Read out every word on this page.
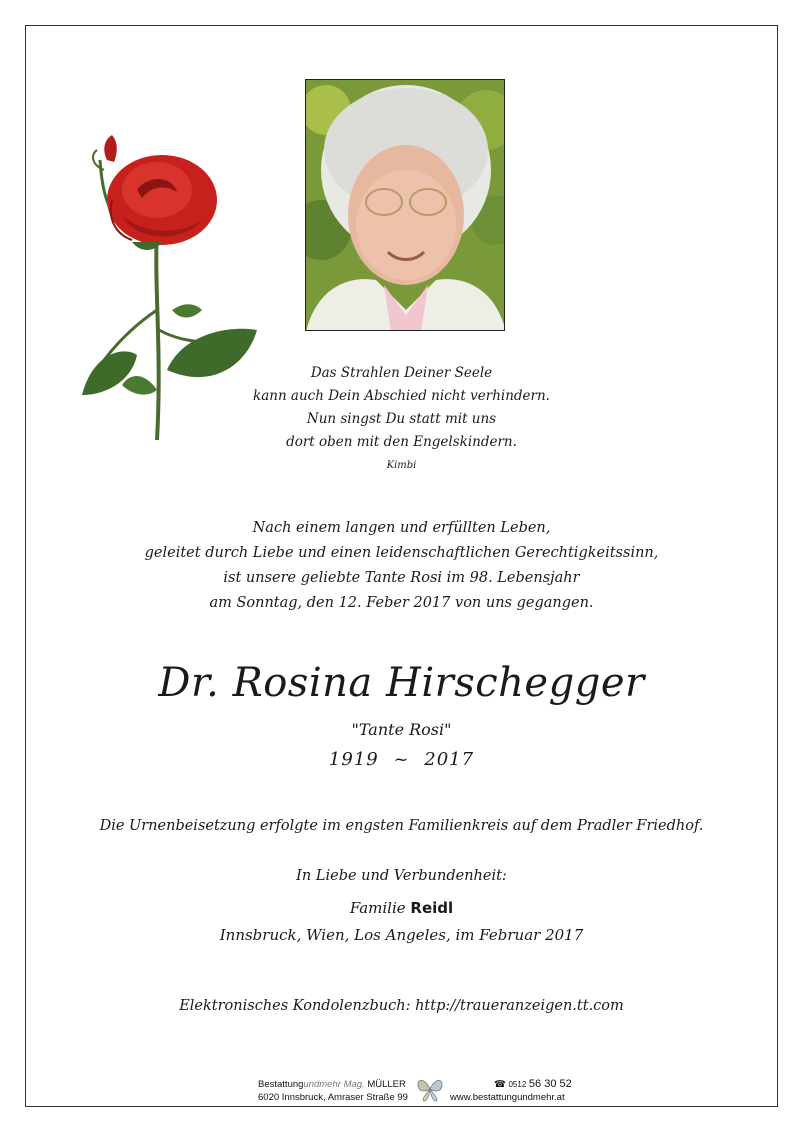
Das Strahlen Deiner Seele
kann auch Dein Abschied nicht verhindern.
Nun singst Du statt mit uns
dort oben mit den Engelskindern.
Kimbi
Nach einem langen und erfüllten Leben,
geleitet durch Liebe und einen leidenschaftlichen Gerechtigkeitssinn,
ist unsere geliebte Tante Rosi im 98. Lebensjahr
am Sonntag, den 12. Feber 2017 von uns gegangen.
Dr. Rosina Hirschegger
"Tante Rosi"
1919 ~ 2017
Die Urnenbeisetzung erfolgte im engsten Familienkreis auf dem Pradler Friedhof.
In Liebe und Verbundenheit:
Familie Reidl
Innsbruck, Wien, Los Angeles, im Februar 2017
Elektronisches Kondolenzbuch: http://traueranzeigen.tt.com
Bestattungundmehr Mag. MÜLLER
6020 Innsbruck, Amraser Straße 99
☎ 0512 56 30 52
www.bestattungundmehr.at
